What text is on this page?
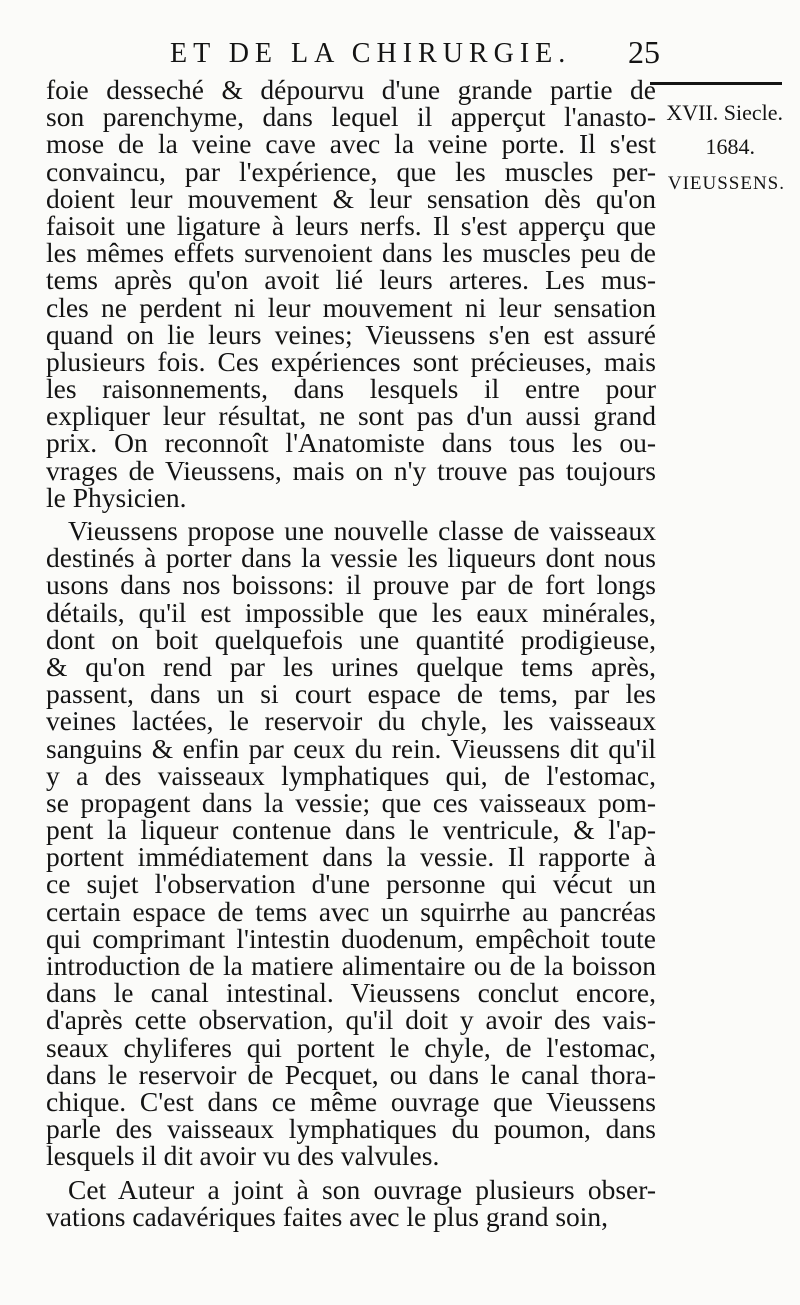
ET DE LA CHIRURGIE. 25
XVII. Siecle.
1684.
VIEUSSENS.
foie desseché & dépourvu d'une grande partie de
son parenchyme, dans lequel il apperçut l'anasto-
mose de la veine cave avec la veine porte. Il s'est
convaincu, par l'expérience, que les muscles per-
doient leur mouvement & leur sensation dès qu'on
faisoit une ligature à leurs nerfs. Il s'est apperçu que
les mêmes effets survenoient dans les muscles peu de
tems après qu'on avoit lié leurs arteres. Les mus-
cles ne perdent ni leur mouvement ni leur sensation
quand on lie leurs veines; Vieussens s'en est assuré
plusieurs fois. Ces expériences sont précieuses, mais
les raisonnements, dans lesquels il entre pour
expliquer leur résultat, ne sont pas d'un aussi grand
prix. On reconnoît l'Anatomiste dans tous les ou-
vrages de Vieussens, mais on n'y trouve pas toujours
le Physicien.
Vieussens propose une nouvelle classe de vaisseaux
destinés à porter dans la vessie les liqueurs dont nous
usons dans nos boissons: il prouve par de fort longs
détails, qu'il est impossible que les eaux minérales,
dont on boit quelquefois une quantité prodigieuse,
& qu'on rend par les urines quelque tems après,
passent, dans un si court espace de tems, par les
veines lactées, le reservoir du chyle, les vaisseaux
sanguins & enfin par ceux du rein. Vieussens dit qu'il
y a des vaisseaux lymphatiques qui, de l'estomac,
se propagent dans la vessie; que ces vaisseaux pom-
pent la liqueur contenue dans le ventricule, & l'ap-
portent immédiatement dans la vessie. Il rapporte à
ce sujet l'observation d'une personne qui vécut un
certain espace de tems avec un squirrhe au pancréas
qui comprimant l'intestin duodenum, empêchoit toute
introduction de la matiere alimentaire ou de la boisson
dans le canal intestinal. Vieussens conclut encore,
d'après cette observation, qu'il doit y avoir des vais-
seaux chyliferes qui portent le chyle, de l'estomac,
dans le reservoir de Pecquet, ou dans le canal thora-
chique. C'est dans ce même ouvrage que Vieussens
parle des vaisseaux lymphatiques du poumon, dans
lesquels il dit avoir vu des valvules.
Cet Auteur a joint à son ouvrage plusieurs obser-
vations cadavériques faites avec le plus grand soin,
